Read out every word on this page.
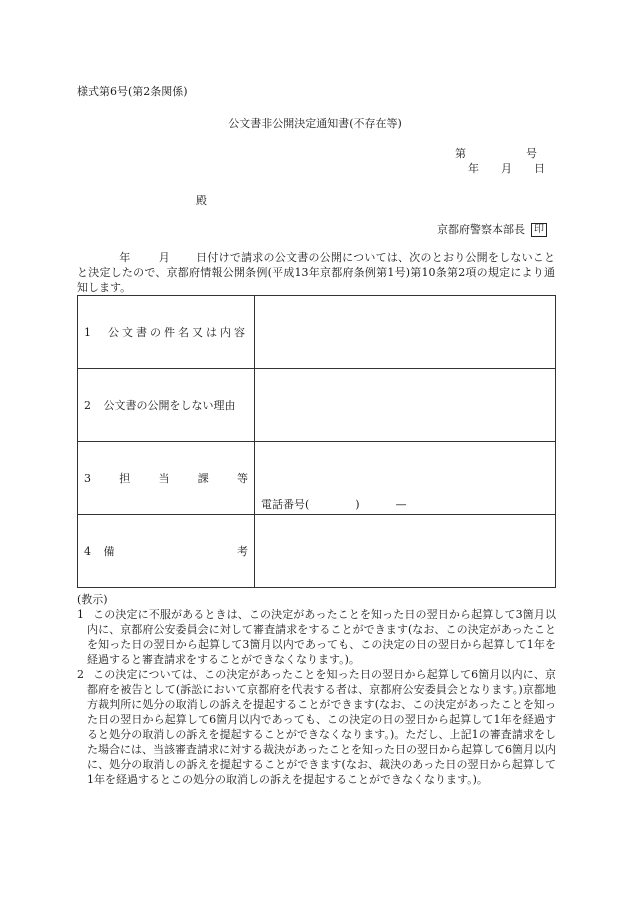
様式第6号(第2条関係)
公文書非公開決定通知書(不存在等)
第	号
年 月 日
殿
京都府警察本部長 印
年	月 日付けで請求の公文書の公開については、次のとおり公開をしないことと決定したので、京都府情報公開条例(平成13年京都府条例第1号)第10条第2項の規定により通知します。
1 公文書の件名又は内容	

2 公文書の公開をしない理由	

3 担 当 課 等	電話番号( ) —

4 備 考	

(教示)

1 この決定に不服があるときは、この決定があったことを知った日の翌日から起算して3箇月以内に、京都府公安委員会に対して審査請求をすることができます(なお、この決定があったことを知った日の翌日から起算して3箇月以内であっても、この決定の日の翌日から起算して1年を経過すると審査請求をすることができなくなります。)。

2 この決定については、この決定があったことを知った日の翌日から起算して6箇月以内に、京都府を被告として(訴訟において京都府を代表する者は、京都府公安委員会となります。)京都地方裁判所に処分の取消しの訴えを提起することができます(なお、この決定があったことを知った日の翌日から起算して6箇月以内であっても、この決定の日の翌日から起算して1年を経過すると処分の取消しの訴えを提起することができなくなります。)。ただし、上記1の審査請求をした場合には、当該審査請求に対する裁決があったことを知った日の翌日から起算して6箇月以内に、処分の取消しの訴えを提起することができます(なお、裁決のあった日の翌日から起算して1年を経過するとこの処分の取消しの訴えを提起することができなくなります。)。
